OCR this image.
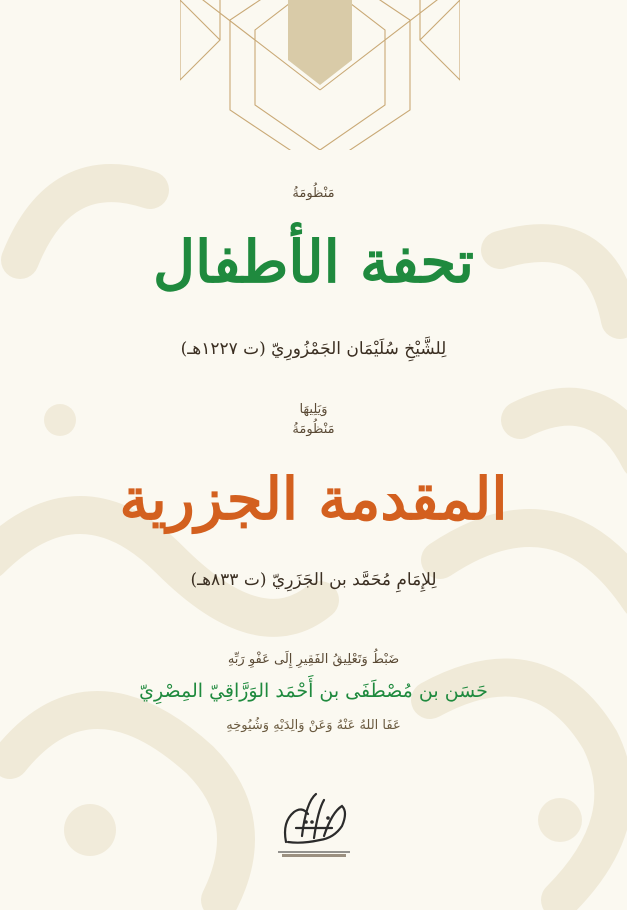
مَنْظُومَةُ
تحفة الأطفال
لِلشَّيْخِ سُلَيْمَان الجَمْزُورِيّ (ت ١٢٢٧هـ)
وَيَلِيهَا
مَنْظُومَةُ
المقدمة الجزرية
لِلإِمَامِ مُحَمَّد بن الجَزَرِيّ (ت ٨٣٣هـ)
ضَبْطُ وَتَعْلِيقُ الفَقِيرِ إِلَى عَفْوِ رَبِّهِ
حَسَن بن مُصْطَفَى بن أَحْمَد الوَرَّاقِيّ المِصْرِيّ
عَفَا اللهُ عَنْهُ وَعَنْ وَالِدَيْهِ وَشُيُوخِهِ
